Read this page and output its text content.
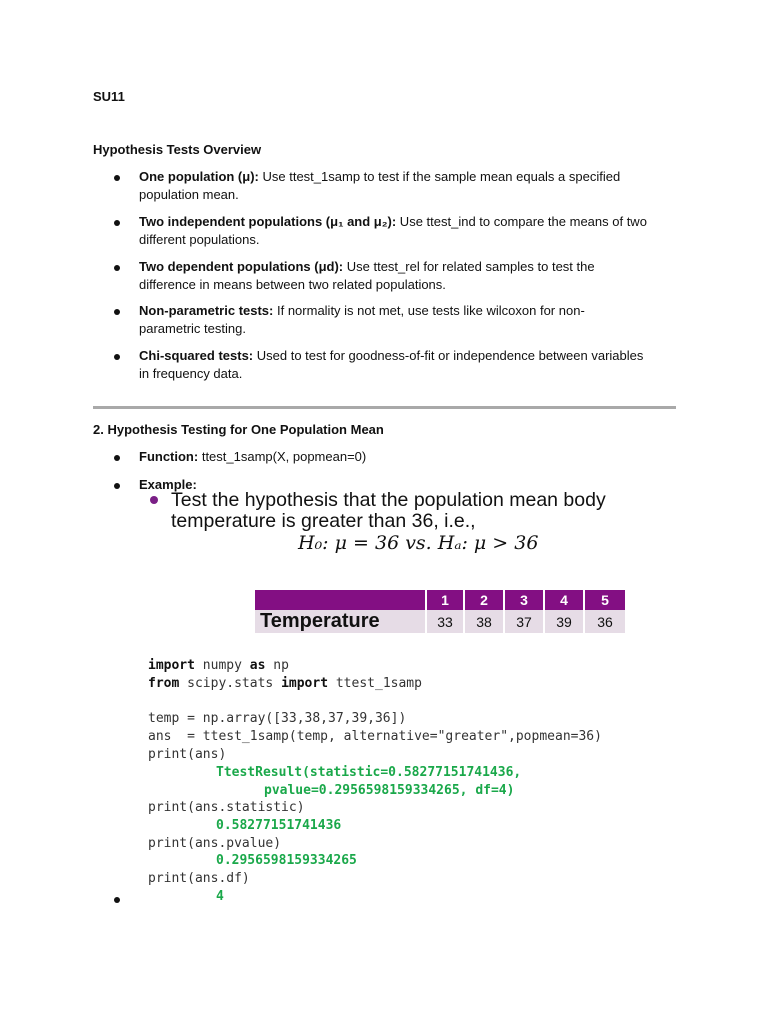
SU11
Hypothesis Tests Overview
One population (μ): Use ttest_1samp to test if the sample mean equals a specified
population mean.
Two independent populations (μ₁ and μ₂): Use ttest_ind to compare the means of two
different populations.
Two dependent populations (μd): Use ttest_rel for related samples to test the
difference in means between two related populations.
Non-parametric tests: If normality is not met, use tests like wilcoxon for non-
parametric testing.
Chi-squared tests: Used to test for goodness-of-fit or independence between variables
in frequency data.
2. Hypothesis Testing for One Population Mean
Function: ttest_1samp(X, popmean=0)
Example:
Test the hypothesis that the population mean body
temperature is greater than 36, i.e.,
H₀: μ = 36 vs. Hₐ: μ > 36
	1	2	3	4	5
Temperature	33	38	37	39	36
import numpy as np
from scipy.stats import ttest_1samp
temp = np.array([33,38,37,39,36])
ans  = ttest_1samp(temp, alternative="greater",popmean=36)
print(ans)
TtestResult(statistic=0.58277151741436,
pvalue=0.2956598159334265, df=4)
print(ans.statistic)
0.58277151741436
print(ans.pvalue)
0.2956598159334265
print(ans.df)
4
